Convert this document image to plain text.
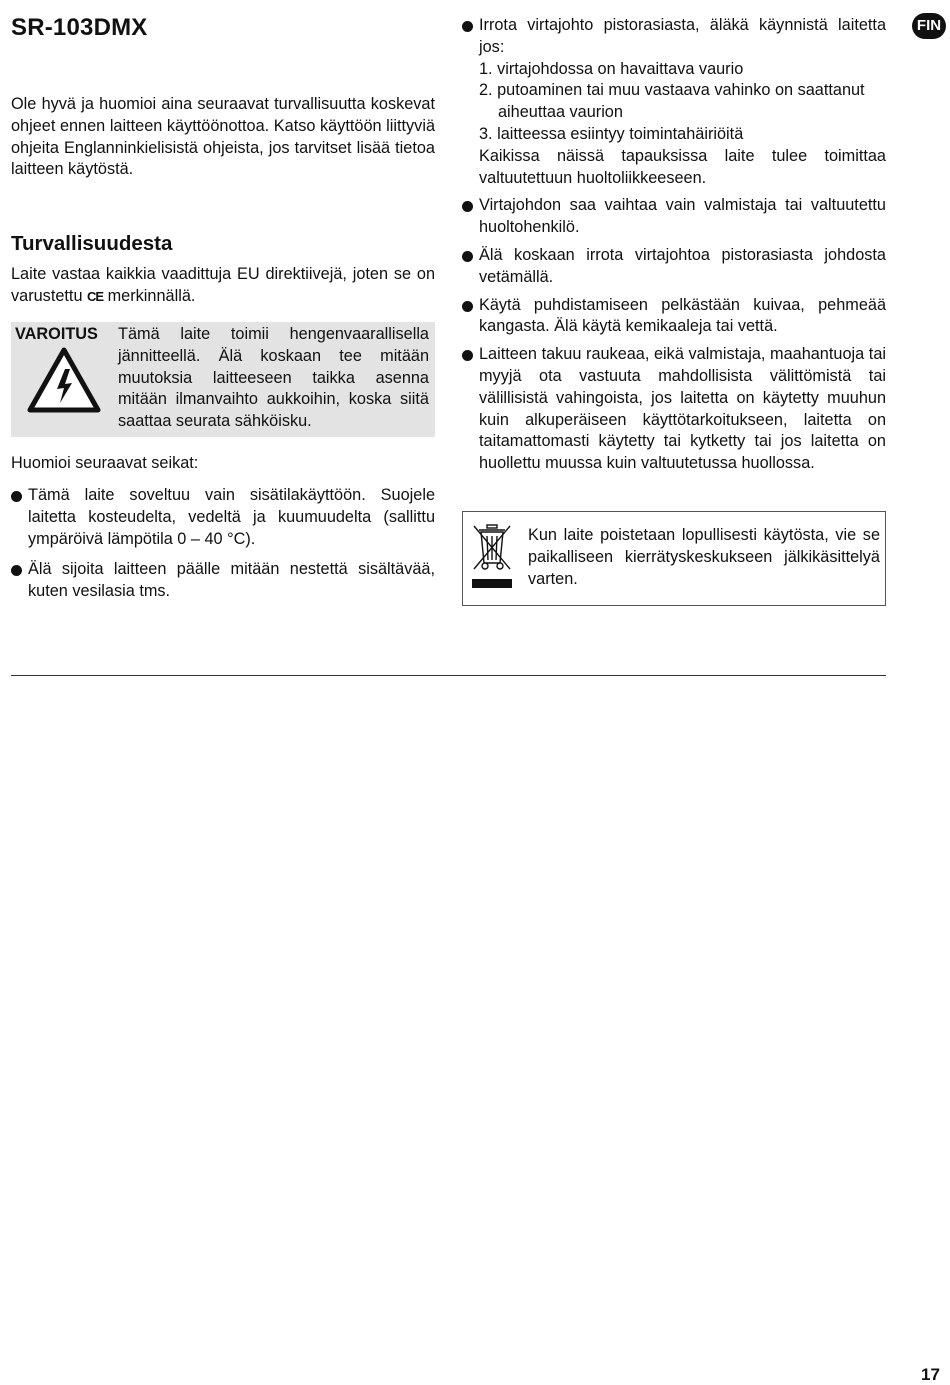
SR-103DMX	FIN

Ole hyvä ja huomioi aina seuraavat turvallisuutta koskevat ohjeet ennen laitteen käyttöönottoa. Katso käyttöön liittyviä ohjeita Englanninkielisistä ohjeista, jos tarvitset lisää tietoa laitteen käytöstä.

Turvallisuudesta

Laite vastaa kaikkia vaadittuja EU direktiivejä, joten se on varustettu CE merkinnällä.

VAROITUS Tämä laite toimii hengenvaarallisella jännitteellä. Älä koskaan tee mitään muutoksia laitteeseen taikka asenna mitään ilmanvaihto aukkoihin, koska siitä saattaa seurata sähköisku.

Huomioi seuraavat seikat:

Tämä laite soveltuu vain sisätilakäyttöön. Suojele laitetta kosteudelta, vedeltä ja kuumuudelta (sallittu ympäröivä lämpötila 0 – 40 °C).

Älä sijoita laitteen päälle mitään nestettä sisältävää, kuten vesilasia tms.

Irrota virtajohto pistorasiasta, äläkä käynnistä laitetta jos:

1. virtajohdossa on havaittava vaurio
2. putoaminen tai muu vastaava vahinko on saattanut aiheuttaa vaurion
3. laitteessa esiintyy toimintahäiriöitä

Kaikissa näissä tapauksissa laite tulee toimittaa valtuutettuun huoltoliikkeeseen.

Virtajohdon saa vaihtaa vain valmistaja tai valtuutettu huoltohenkilö.

Älä koskaan irrota virtajohtoa pistorasiasta johdosta vetämällä.

Käytä puhdistamiseen pelkästään kuivaa, pehmeää kangasta. Älä käytä kemikaaleja tai vettä.

Laitteen takuu raukeaa, eikä valmistaja, maahantuoja tai myyjä ota vastuuta mahdollisista välittömistä tai välillisistä vahingoista, jos laitetta on käytetty muuhun kuin alkuperäiseen käyttötarkoitukseen, laitetta on taitamattomasti käytetty tai kytketty tai jos laitetta on huollettu muussa kuin valtuutetussa huollossa.

Kun laite poistetaan lopullisesti käytösta, vie se paikalliseen kierrätyskeskukseen jälkikäsittelyä varten.

17
